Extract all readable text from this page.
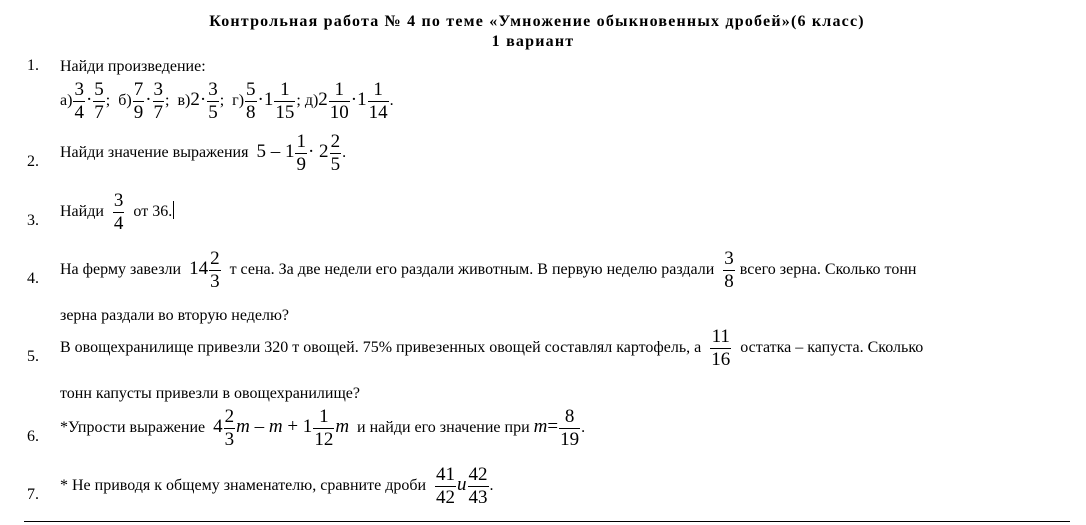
Контрольная работа № 4 по теме «Умножение обыкновенных дробей»(6 класс)
1 вариант
1. Найди произведение:
$а) \frac{3}{4} \cdot \frac{5}{7}$ ; $б) \frac{7}{9} \cdot \frac{3}{7}$ ; $в)2\cdot \frac{3}{5}$ ; $г) \frac{5}{8} \cdot 1 \frac{1}{15}$ ; $д)2 \frac{1}{10} \cdot 1 \frac{1}{14}$ .
2.
Найди значение выражения $5 - 1 \frac{1}{9} \cdot 2 \frac{2}{5}$ .
3.
Найди $\frac{3}{4}$ от 36.
4.
На ферму завезли $14 \frac{2}{3}$ т сена. За две недели его раздали животным. В первую неделю раздали $\frac{3}{8}$ всего зерна. Сколько тонн
зерна раздали во вторую неделю?
5.
В овощехранилище привезли 320 т овощей. 75% привезенных овощей составлял картофель, а $\frac{11}{16}$ остатка – капуста. Сколько
тонн капусты привезли в овощехранилище?
6.
*Упрости выражение $4 \frac{2}{3}$ $m - m + 1 \frac{1}{12}$ m и найди его значение при $m= \frac{8}{19}$ .
7.
* Не приводя к общему знаменателю, сравните дроби $\frac{41}{42}$ и $\frac{42}{43}$ .
